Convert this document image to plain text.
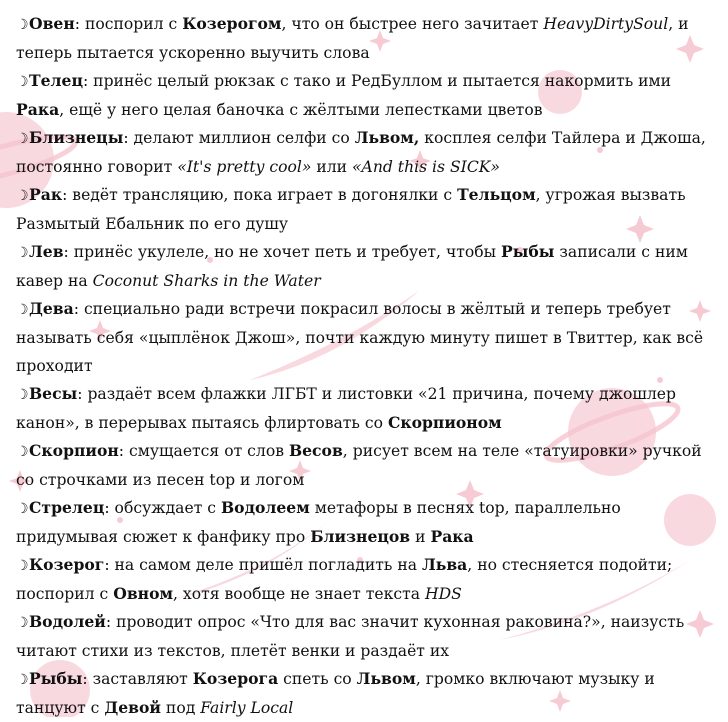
☽Овен: поспорил с Козерогом, что он быстрее него зачитает HeavyDirtySoul, и теперь пытается ускоренно выучить слова
☽Телец: принёс целый рюкзак с тако и РедБуллом и пытается накормить ими Рака, ещё у него целая баночка с жёлтыми лепестками цветов
☽Близнецы: делают миллион селфи со Львом, косплея селфи Тайлера и Джоша, постоянно говорит «It's pretty cool» или «And this is SICK»
☽Рак: ведёт трансляцию, пока играет в догонялки с Тельцом, угрожая вызвать Размытый Ебальник по его душу
☽Лев: принёс укулеле, но не хочет петь и требует, чтобы Рыбы записали с ним кавер на Coconut Sharks in the Water
☽Дева: специально ради встречи покрасил волосы в жёлтый и теперь требует называть себя «цыплёнок Джош», почти каждую минуту пишет в Твиттер, как всё проходит
☽Весы: раздаёт всем флажки ЛГБТ и листовки «21 причина, почему джошлер канон», в перерывах пытаясь флиртовать со Скорпионом
☽Скорпион: смущается от слов Весов, рисует всем на теле «татуировки» ручкой со строчками из песен top и логом
☽Стрелец: обсуждает с Водолеем метафоры в песнях top, параллельно придумывая сюжет к фанфику про Близнецов и Рака
☽Козерог: на самом деле пришёл погладить на Льва, но стесняется подойти; поспорил с Овном, хотя вообще не знает текста HDS
☽Водолей: проводит опрос «Что для вас значит кухонная раковина?», наизусть читают стихи из текстов, плетёт венки и раздаёт их
☽Рыбы: заставляют Козерога спеть со Львом, громко включают музыку и танцуют с Девой под Fairly Local
